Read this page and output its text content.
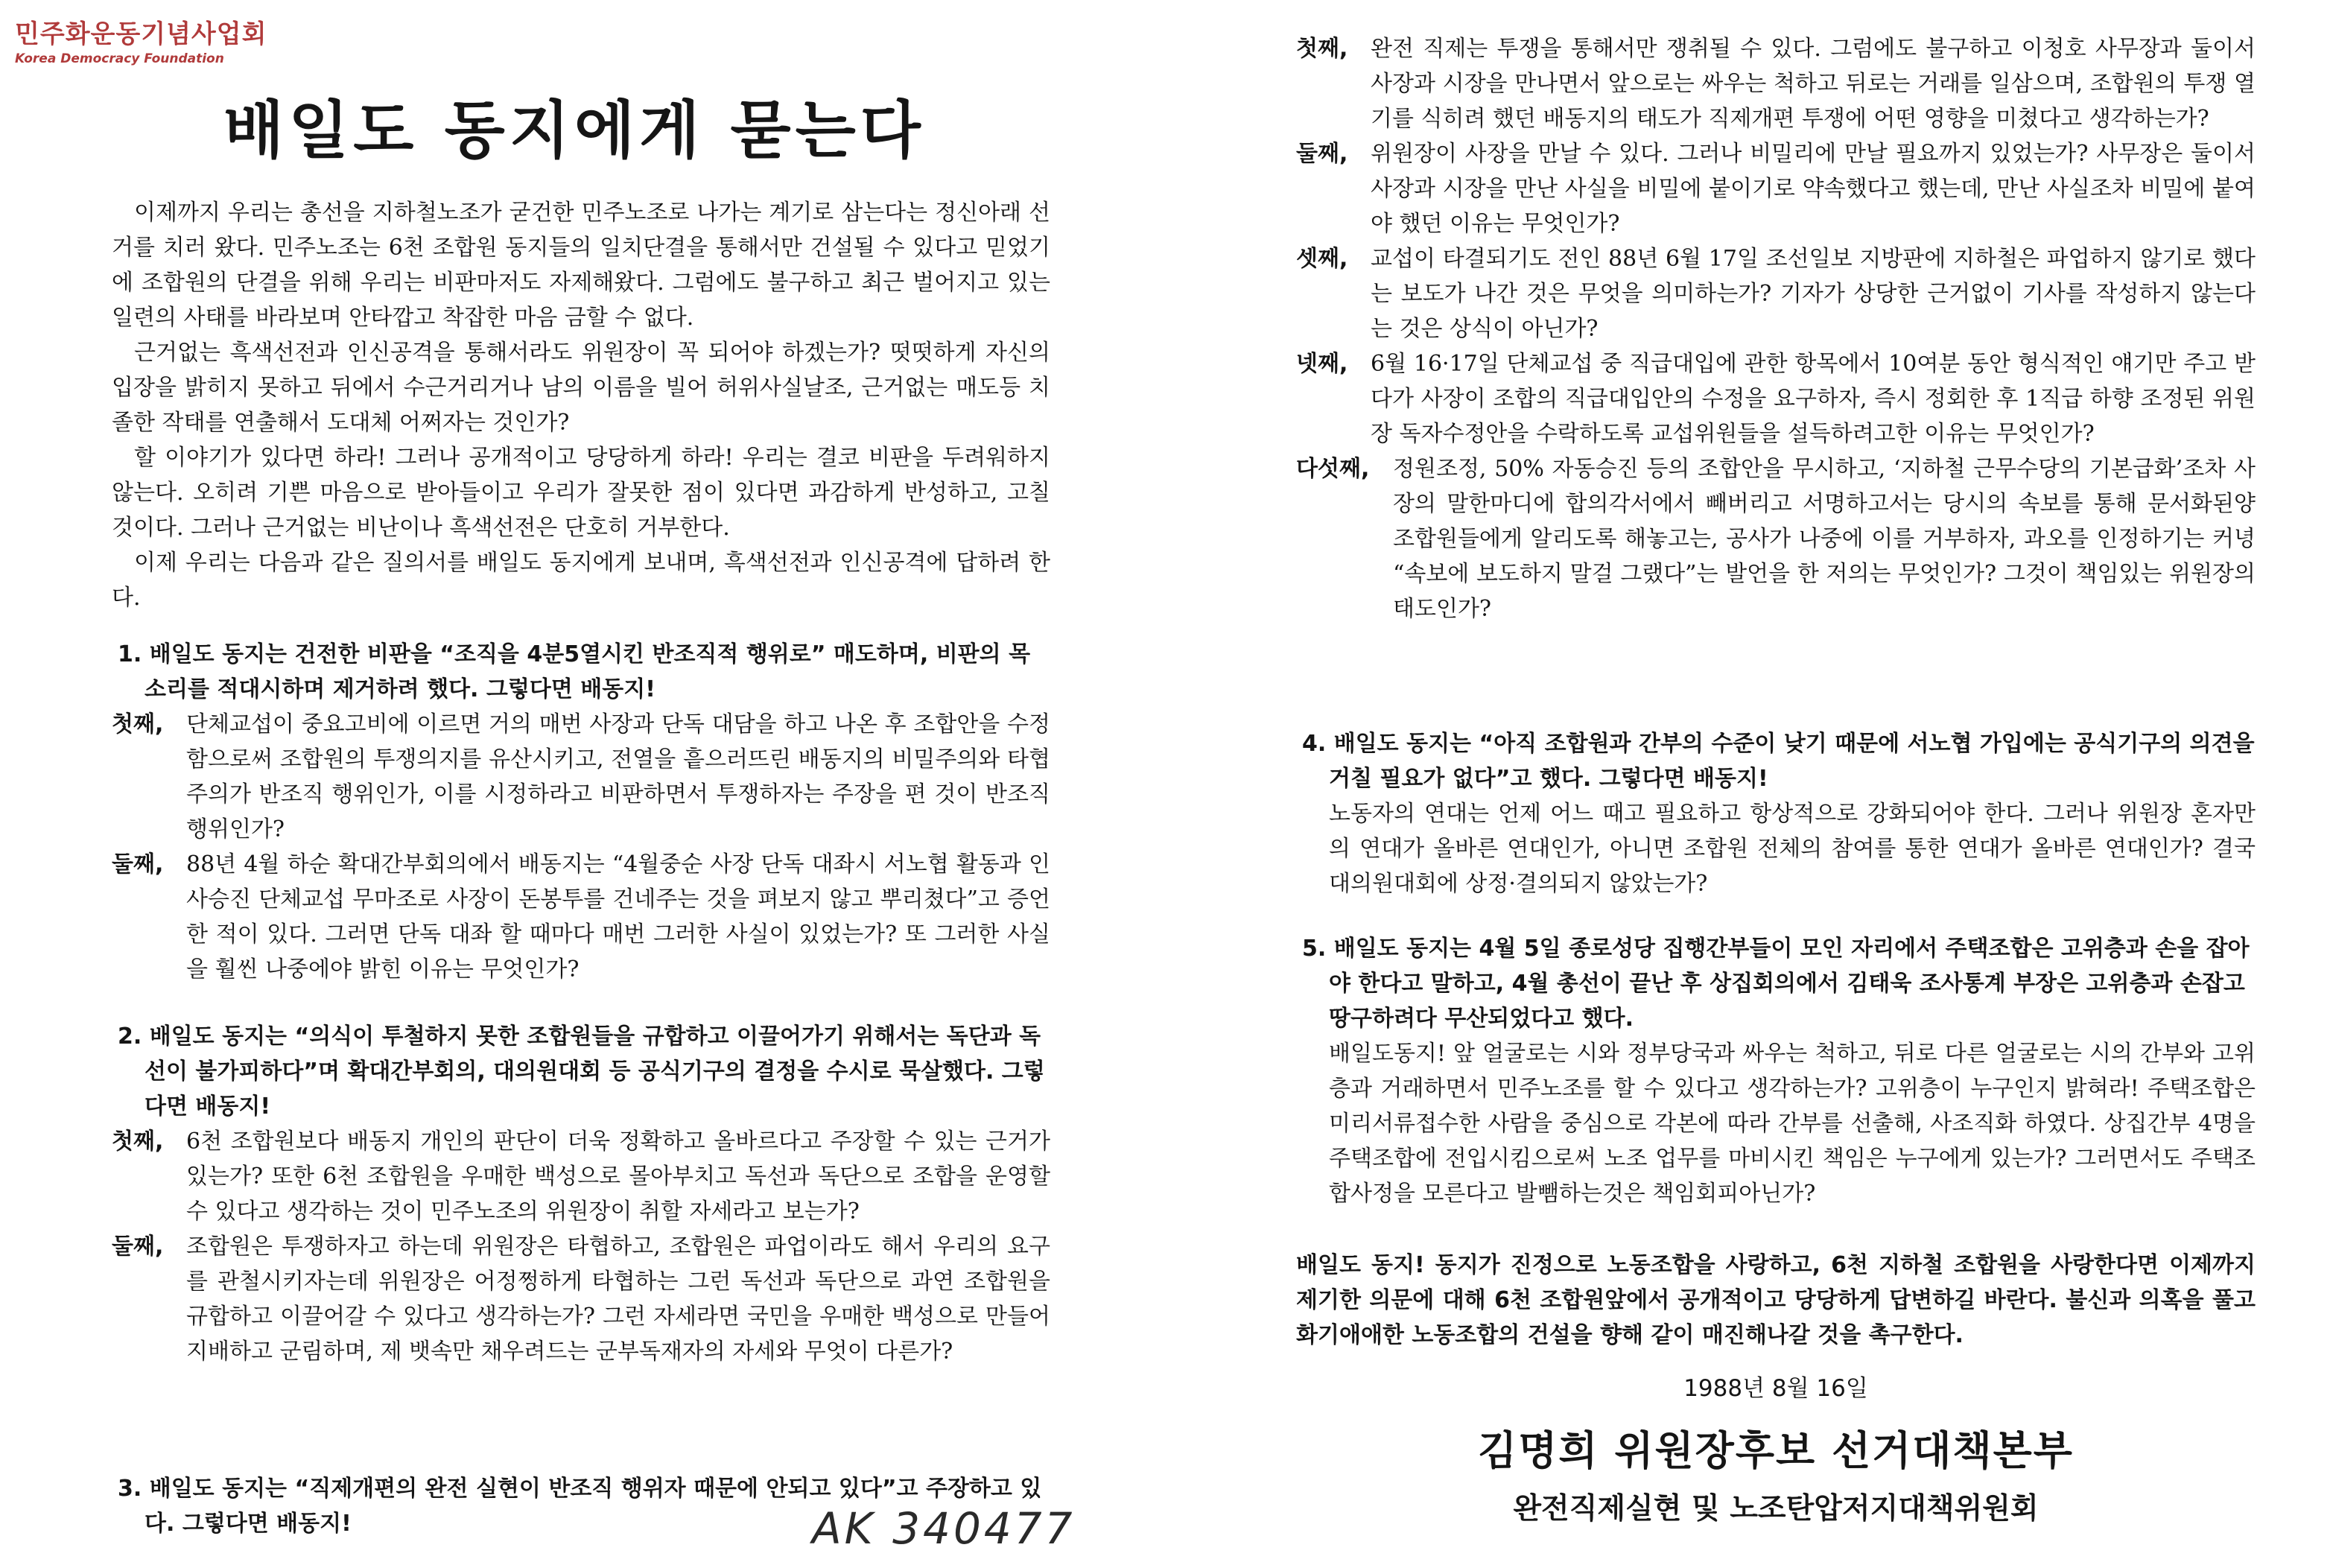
민주화운동기념사업회
Korea Democracy Foundation
배일도 동지에게 묻는다

이제까지 우리는 총선을 지하철노조가 굳건한 민주노조로 나가는 계기로 삼는다는 정신아래 선거를 치러 왔다. 민주노조는 6천 조합원 동지들의 일치단결을 통해서만 건설될 수 있다고 믿었기에 조합원의 단결을 위해 우리는 비판마저도 자제해왔다. 그럼에도 불구하고 최근 벌어지고 있는 일련의 사태를 바라보며 안타깝고 착잡한 마음 금할 수 없다.

근거없는 흑색선전과 인신공격을 통해서라도 위원장이 꼭 되어야 하겠는가? 떳떳하게 자신의 입장을 밝히지 못하고 뒤에서 수근거리거나 남의 이름을 빌어 허위사실날조, 근거없는 매도등 치졸한 작태를 연출해서 도대체 어쩌자는 것인가?

할 이야기가 있다면 하라! 그러나 공개적이고 당당하게 하라! 우리는 결코 비판을 두려워하지 않는다. 오히려 기쁜 마음으로 받아들이고 우리가 잘못한 점이 있다면 과감하게 반성하고, 고칠 것이다. 그러나 근거없는 비난이나 흑색선전은 단호히 거부한다.

이제 우리는 다음과 같은 질의서를 배일도 동지에게 보내며, 흑색선전과 인신공격에 답하려 한다.

1. 배일도 동지는 건전한 비판을 “조직을 4분5열시킨 반조직적 행위로” 매도하며, 비판의 목소리를 적대시하며 제거하려 했다. 그렇다면 배동지!

첫째,	단체교섭이 중요고비에 이르면 거의 매번 사장과 단독 대담을 하고 나온 후 조합안을 수정함으로써 조합원의 투쟁의지를 유산시키고, 전열을 흩으러뜨린 배동지의 비밀주의와 타협주의가 반조직 행위인가, 이를 시정하라고 비판하면서 투쟁하자는 주장을 편 것이 반조직 행위인가?
둘째,	88년 4월 하순 확대간부회의에서 배동지는 “4월중순 사장 단독 대좌시 서노협 활동과 인사승진 단체교섭 무마조로 사장이 돈봉투를 건네주는 것을 펴보지 않고 뿌리쳤다”고 증언한 적이 있다. 그러면 단독 대좌 할 때마다 매번 그러한 사실이 있었는가? 또 그러한 사실을 훨씬 나중에야 밝힌 이유는 무엇인가?

2. 배일도 동지는 “의식이 투철하지 못한 조합원들을 규합하고 이끌어가기 위해서는 독단과 독선이 불가피하다”며 확대간부회의, 대의원대회 등 공식기구의 결정을 수시로 묵살했다. 그렇다면 배동지!

첫째,	6천 조합원보다 배동지 개인의 판단이 더욱 정확하고 올바르다고 주장할 수 있는 근거가 있는가? 또한 6천 조합원을 우매한 백성으로 몰아부치고 독선과 독단으로 조합을 운영할 수 있다고 생각하는 것이 민주노조의 위원장이 취할 자세라고 보는가?
둘째,	조합원은 투쟁하자고 하는데 위원장은 타협하고, 조합원은 파업이라도 해서 우리의 요구를 관철시키자는데 위원장은 어정쩡하게 타협하는 그런 독선과 독단으로 과연 조합원을 규합하고 이끌어갈 수 있다고 생각하는가? 그런 자세라면 국민을 우매한 백성으로 만들어 지배하고 군림하며, 제 뱃속만 채우려드는 군부독재자의 자세와 무엇이 다른가?

3. 배일도 동지는 “직제개편의 완전 실현이 반조직 행위자 때문에 안되고 있다”고 주장하고 있다. 그렇다면 배동지!	AK 340477
첫째,	완전 직제는 투쟁을 통해서만 쟁취될 수 있다. 그럼에도 불구하고 이청호 사무장과 둘이서 사장과 시장을 만나면서 앞으로는 싸우는 척하고 뒤로는 거래를 일삼으며, 조합원의 투쟁 열기를 식히려 했던 배동지의 태도가 직제개편 투쟁에 어떤 영향을 미쳤다고 생각하는가?
둘째,	위원장이 사장을 만날 수 있다. 그러나 비밀리에 만날 필요까지 있었는가? 사무장은 둘이서 사장과 시장을 만난 사실을 비밀에 붙이기로 약속했다고 했는데, 만난 사실조차 비밀에 붙여야 했던 이유는 무엇인가?
셋째,	교섭이 타결되기도 전인 88년 6월 17일 조선일보 지방판에 지하철은 파업하지 않기로 했다는 보도가 나간 것은 무엇을 의미하는가? 기자가 상당한 근거없이 기사를 작성하지 않는다는 것은 상식이 아닌가?
넷째,	6월 16·17일 단체교섭 중 직급대입에 관한 항목에서 10여분 동안 형식적인 얘기만 주고 받다가 사장이 조합의 직급대입안의 수정을 요구하자, 즉시 정회한 후 1직급 하향 조정된 위원장 독자수정안을 수락하도록 교섭위원들을 설득하려고한 이유는 무엇인가?
다섯째,	정원조정, 50% 자동승진 등의 조합안을 무시하고, ‘지하철 근무수당의 기본급화’조차 사장의 말한마디에 합의각서에서 빼버리고 서명하고서는 당시의 속보를 통해 문서화된양 조합원들에게 알리도록 해놓고는, 공사가 나중에 이를 거부하자, 과오를 인정하기는 커녕 “속보에 보도하지 말걸 그랬다”는 발언을 한 저의는 무엇인가? 그것이 책임있는 위원장의 태도인가?

4. 배일도 동지는 “아직 조합원과 간부의 수준이 낮기 때문에 서노협 가입에는 공식기구의 의견을 거칠 필요가 없다”고 했다. 그렇다면 배동지!

노동자의 연대는 언제 어느 때고 필요하고 항상적으로 강화되어야 한다. 그러나 위원장 혼자만의 연대가 올바른 연대인가, 아니면 조합원 전체의 참여를 통한 연대가 올바른 연대인가? 결국 대의원대회에 상정·결의되지 않았는가?

5. 배일도 동지는 4월 5일 종로성당 집행간부들이 모인 자리에서 주택조합은 고위층과 손을 잡아야 한다고 말하고, 4월 총선이 끝난 후 상집회의에서 김태욱 조사통계 부장은 고위층과 손잡고 땅구하려다 무산되었다고 했다.

배일도동지! 앞 얼굴로는 시와 정부당국과 싸우는 척하고, 뒤로 다른 얼굴로는 시의 간부와 고위층과 거래하면서 민주노조를 할 수 있다고 생각하는가? 고위층이 누구인지 밝혀라! 주택조합은 미리서류접수한 사람을 중심으로 각본에 따라 간부를 선출해, 사조직화 하였다. 상집간부 4명을 주택조합에 전입시킴으로써 노조 업무를 마비시킨 책임은 누구에게 있는가? 그러면서도 주택조합사정을 모른다고 발뺌하는것은 책임회피아닌가?

배일도 동지! 동지가 진정으로 노동조합을 사랑하고, 6천 지하철 조합원을 사랑한다면 이제까지 제기한 의문에 대해 6천 조합원앞에서 공개적이고 당당하게 답변하길 바란다. 불신과 의혹을 풀고 화기애애한 노동조합의 건설을 향해 같이 매진해나갈 것을 촉구한다.

1988년 8월 16일

김명희 위원장후보 선거대책본부

완전직제실현 및 노조탄압저지대책위원회
